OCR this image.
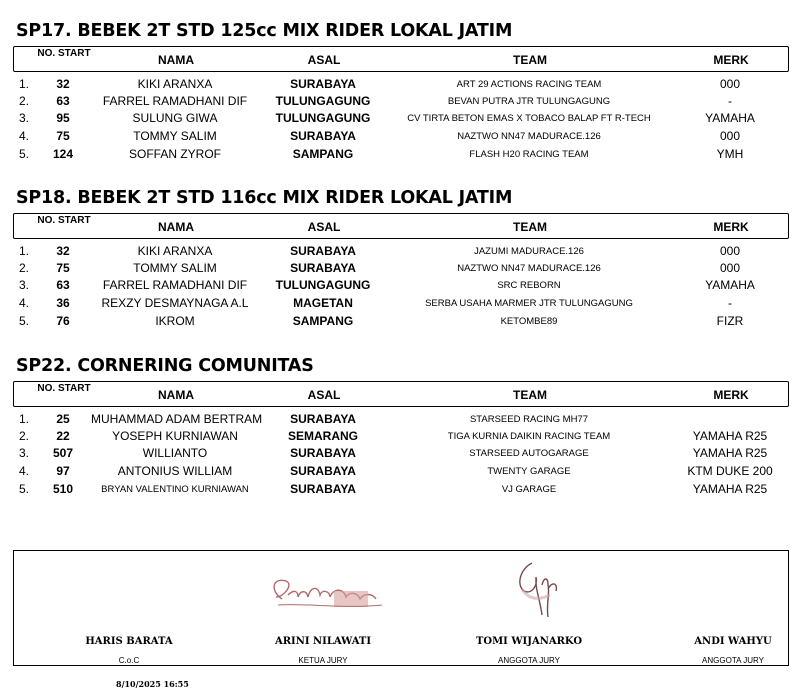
SP17. BEBEK 2T STD 125cc MIX RIDER LOKAL JATIM
NO. START	NAMA	ASAL	TEAM	MERK
1.	32	KIKI ARANXA	SURABAYA	ART 29 ACTIONS RACING TEAM	000
2.	63	FARREL RAMADHANI DIF	TULUNGAGUNG	BEVAN PUTRA JTR TULUNGAGUNG	-
3.	95	SULUNG GIWA	TULUNGAGUNG	CV TIRTA BETON EMAS X TOBACO BALAP FT R-TECH	YAMAHA
4.	75	TOMMY SALIM	SURABAYA	NAZTWO NN47 MADURACE.126	000
5.	124	SOFFAN ZYROF	SAMPANG	FLASH H20 RACING TEAM	YMH
SP18. BEBEK 2T STD 116cc MIX RIDER LOKAL JATIM
NO. START	NAMA	ASAL	TEAM	MERK
1.	32	KIKI ARANXA	SURABAYA	JAZUMI MADURACE.126	000
2.	75	TOMMY SALIM	SURABAYA	NAZTWO NN47 MADURACE.126	000
3.	63	FARREL RAMADHANI DIF	TULUNGAGUNG	SRC REBORN	YAMAHA
4.	36	REXZY DESMAYNAGA A.L	MAGETAN	SERBA USAHA MARMER JTR TULUNGAGUNG	-
5.	76	IKROM	SAMPANG	KETOMBE89	FIZR
SP22. CORNERING COMUNITAS
NO. START	NAMA	ASAL	TEAM	MERK
1.	25	MUHAMMAD ADAM BERTRAM	SURABAYA	STARSEED RACING MH77
2.	22	YOSEPH KURNIAWAN	SEMARANG	TIGA KURNIA DAIKIN RACING TEAM	YAMAHA R25
3.	507	WILLIANTO	SURABAYA	STARSEED AUTOGARAGE	YAMAHA R25
4.	97	ANTONIUS WILLIAM	SURABAYA	TWENTY GARAGE	KTM DUKE 200
5.	510	BRYAN VALENTINO KURNIAWAN	SURABAYA	VJ GARAGE	YAMAHA R25
HARIS BARATA
C.o.C
ARINI NILAWATI
KETUA JURY
TOMI WIJANARKO
ANGGOTA JURY
ANDI WAHYU
ANGGOTA JURY
8/10/2025 16:55
